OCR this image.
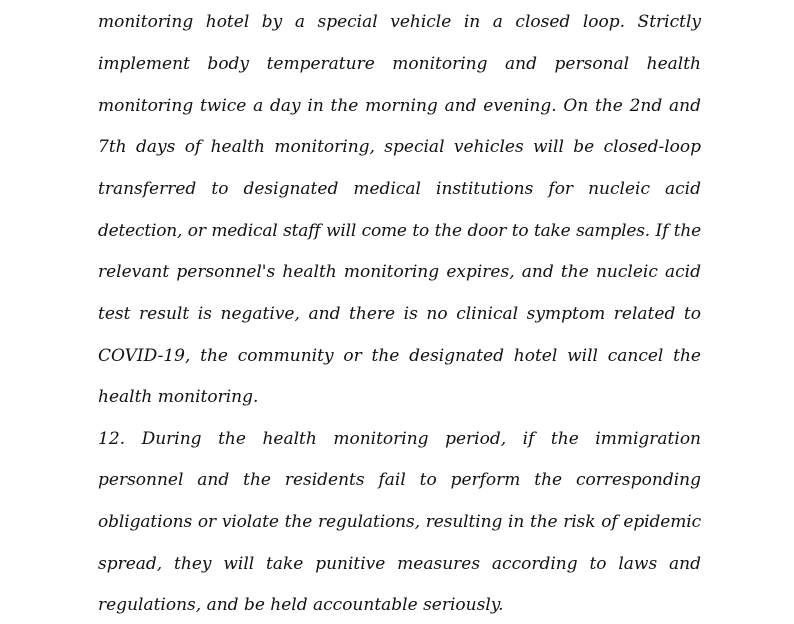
monitoring hotel by a special vehicle in a closed loop. Strictly
implement body temperature monitoring and personal health
monitoring twice a day in the morning and evening. On the 2nd and
7th days of health monitoring, special vehicles will be closed-loop
transferred to designated medical institutions for nucleic acid
detection, or medical staff will come to the door to take samples. If the
relevant personnel's health monitoring expires, and the nucleic acid
test result is negative, and there is no clinical symptom related to
COVID-19, the community or the designated hotel will cancel the
health monitoring.
12. During the health monitoring period, if the immigration
personnel and the residents fail to perform the corresponding
obligations or violate the regulations, resulting in the risk of epidemic
spread, they will take punitive measures according to laws and
regulations, and be held accountable seriously.
